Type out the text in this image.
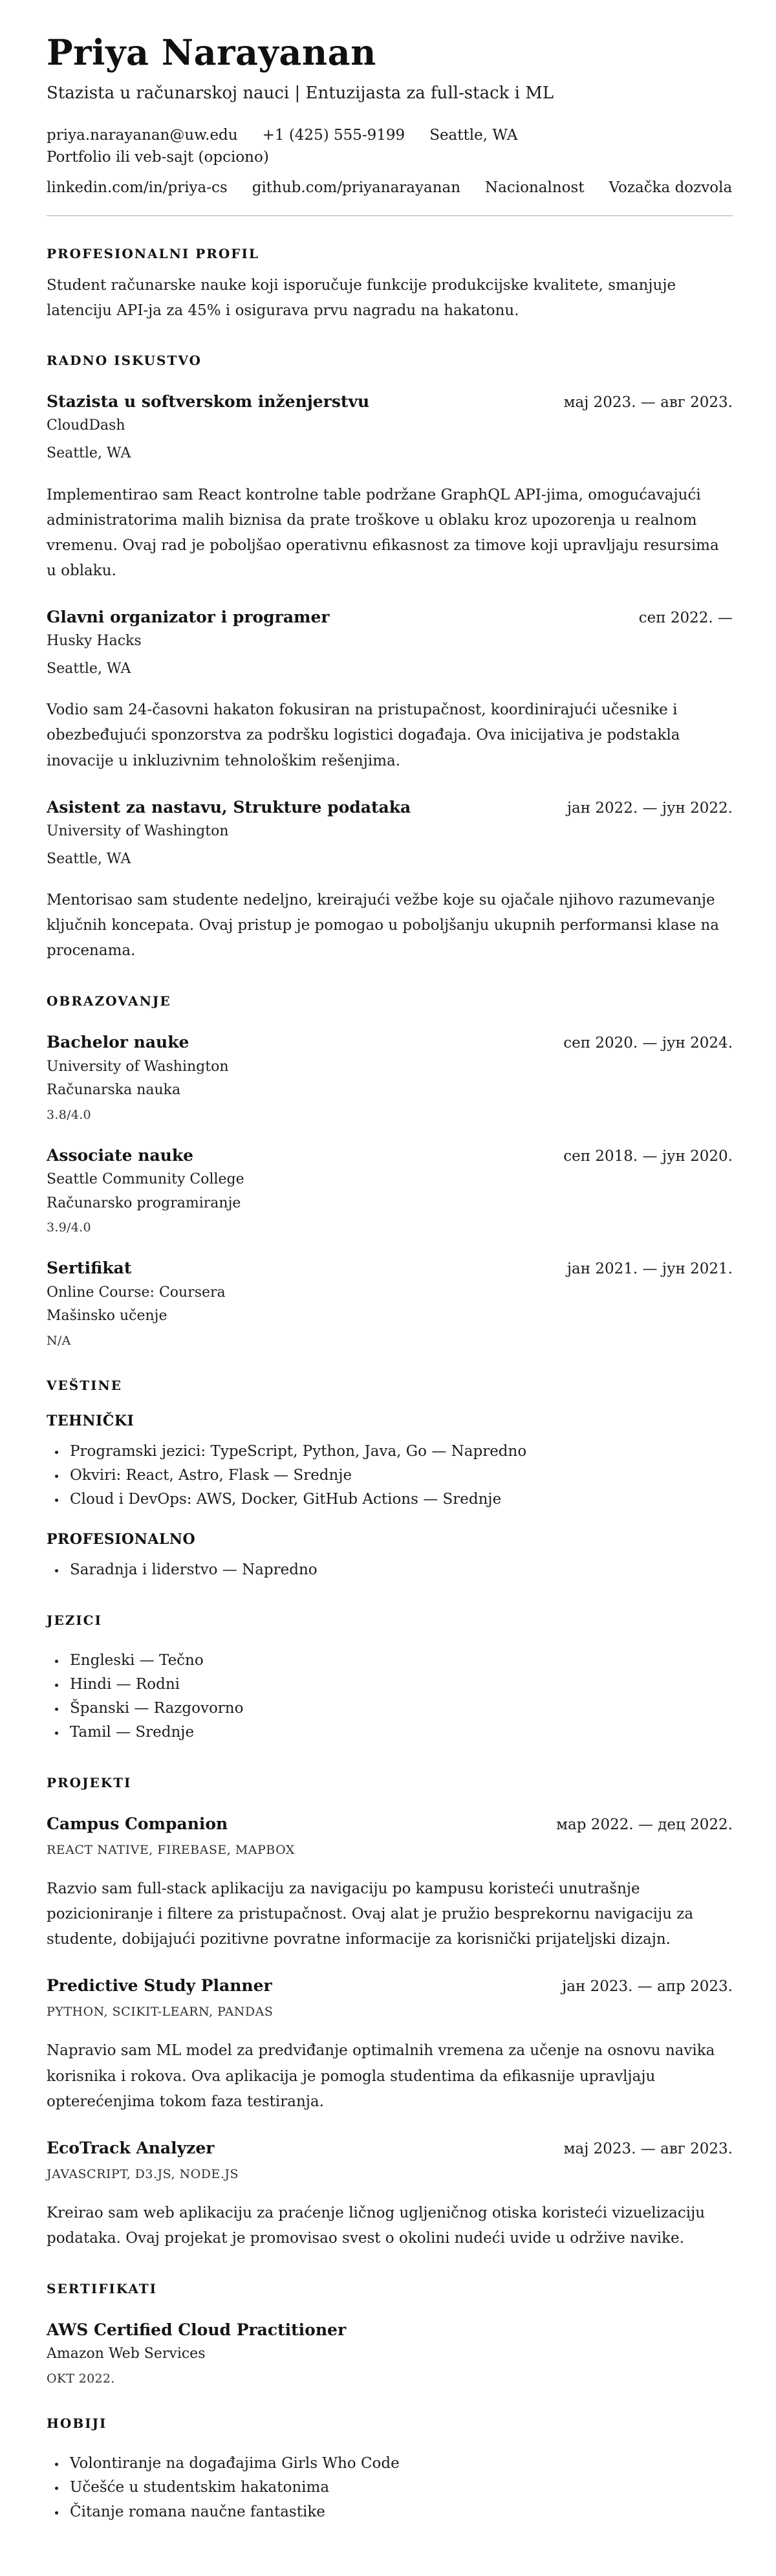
Priya Narayanan
Stazista u računarskoj nauci | Entuzijasta za full-stack i ML
priya.narayanan@uw.edu +1 (425) 555-9199 Seattle, WA
Portfolio ili veb-sajt (opciono)
linkedin.com/in/priya-cs github.com/priyanarayanan Nacionalnost Vozačka dozvola
PROFESIONALNI PROFIL

Student računarske nauke koji isporučuje funkcije produkcijske kvalitete, smanjuje latenciju API-ja za 45% i osigurava prvu nagradu na hakatonu.

RADNO ISKUSTVO
Stazista u softverskom inženjerstvu	мај 2023. — авг 2023.
CloudDash
Seattle, WA

Implementirao sam React kontrolne table podržane GraphQL API-jima, omogućavajući administratorima malih biznisa da prate troškove u oblaku kroz upozorenja u realnom vremenu. Ovaj rad je poboljšao operativnu efikasnost za timove koji upravljaju resursima u oblaku.

Glavni organizator i programer	сеп 2022. —
Husky Hacks
Seattle, WA

Vodio sam 24-časovni hakaton fokusiran na pristupačnost, koordinirajući učesnike i obezbeđujući sponzorstva za podršku logistici događaja. Ova inicijativa je podstakla inovacije u inkluzivnim tehnološkim rešenjima.

Asistent za nastavu, Strukture podataka	јан 2022. — јун 2022.
University of Washington
Seattle, WA

Mentorisao sam studente nedeljno, kreirajući vežbe koje su ojačale njihovo razumevanje ključnih koncepata. Ovaj pristup je pomogao u poboljšanju ukupnih performansi klase na procenama.

OBRAZOVANJE
Bachelor nauke	сеп 2020. — јун 2024.
University of Washington
Računarska nauka
3.8/4.0
Associate nauke	сеп 2018. — јун 2020.
Seattle Community College
Računarsko programiranje
3.9/4.0
Sertifikat	јан 2021. — јун 2021.
Online Course: Coursera
Mašinsko učenje
N/A
VEŠTINE
TEHNIČKI
• Programski jezici: TypeScript, Python, Java, Go — Napredno
• Okviri: React, Astro, Flask — Srednje
• Cloud i DevOps: AWS, Docker, GitHub Actions — Srednje
PROFESIONALNO
• Saradnja i liderstvo — Napredno
JEZICI
• Engleski — Tečno
• Hindi — Rodni
• Španski — Razgovorno
• Tamil — Srednje
PROJEKTI
Campus Companion	мар 2022. — дец 2022.
REACT NATIVE, FIREBASE, MAPBOX

Razvio sam full-stack aplikaciju za navigaciju po kampusu koristeći unutrašnje pozicioniranje i filtere za pristupačnost. Ovaj alat je pružio besprekornu navigaciju za studente, dobijajući pozitivne povratne informacije za korisnički prijateljski dizajn.

Predictive Study Planner	јан 2023. — апр 2023.
PYTHON, SCIKIT-LEARN, PANDAS

Napravio sam ML model za predviđanje optimalnih vremena za učenje na osnovu navika korisnika i rokova. Ova aplikacija je pomogla studentima da efikasnije upravljaju opterećenjima tokom faza testiranja.

EcoTrack Analyzer	мај 2023. — авг 2023.
JAVASCRIPT, D3.JS, NODE.JS

Kreirao sam web aplikaciju za praćenje ličnog ugljeničnog otiska koristeći vizuelizaciju podataka. Ovaj projekat je promovisao svest o okolini nudeći uvide u održive navike.

SERTIFIKATI
AWS Certified Cloud Practitioner
Amazon Web Services
OKT 2022.
HOBIJI
• Volontiranje na događajima Girls Who Code
• Učešće u studentskim hakatonima
• Čitanje romana naučne fantastike
